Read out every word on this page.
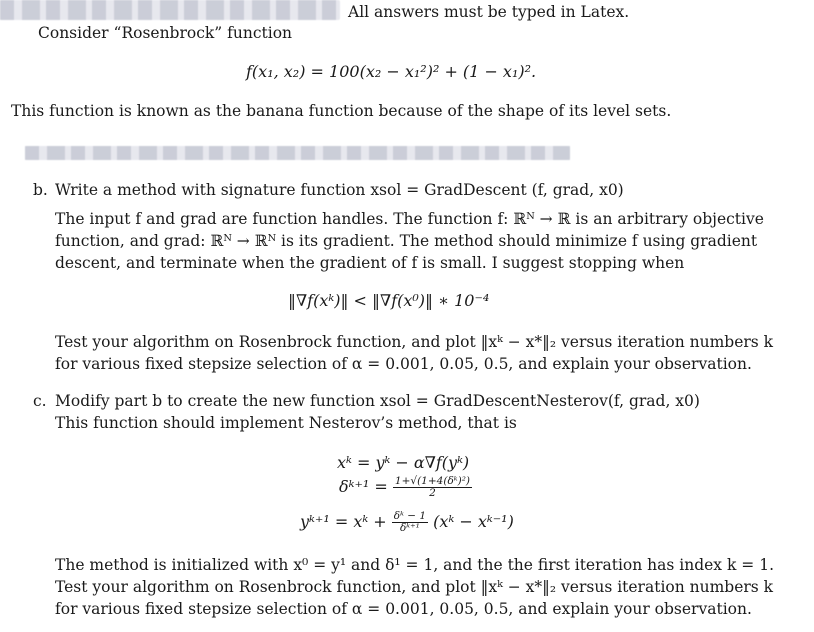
All answers must be typed in Latex.
Consider “Rosenbrock” function
f(x₁, x₂) = 100(x₂ − x₁²)² + (1 − x₁)².
This function is known as the banana function because of the shape of its level sets.
b. Write a method with signature function xsol = GradDescent (f, grad, x0)
The input f and grad are function handles. The function f: ℝᴺ → ℝ is an arbitrary objective
function, and grad: ℝᴺ → ℝᴺ is its gradient. The method should minimize f using gradient
descent, and terminate when the gradient of f is small. I suggest stopping when
‖∇f(xᵏ)‖ < ‖∇f(x⁰)‖ ∗ 10⁻⁴
Test your algorithm on Rosenbrock function, and plot ‖xᵏ − x*‖₂ versus iteration numbers k
for various fixed stepsize selection of α = 0.001, 0.05, 0.5, and explain your observation.
c. Modify part b to create the new function xsol = GradDescentNesterov(f, grad, x0)
This function should implement Nesterov’s method, that is
xᵏ = yᵏ − α∇f(yᵏ)
δᵏ⁺¹ = $\frac{\text{1+√(1+4(δᵏ)²)}}{2}$
yᵏ⁺¹ = xᵏ + $\frac{\text{δᵏ − 1}}{\text{δᵏ⁺¹}}$ (xᵏ − xᵏ⁻¹)
The method is initialized with x⁰ = y¹ and δ¹ = 1, and the the first iteration has index k = 1.
Test your algorithm on Rosenbrock function, and plot ‖xᵏ − x*‖₂ versus iteration numbers k
for various fixed stepsize selection of α = 0.001, 0.05, 0.5, and explain your observation.
